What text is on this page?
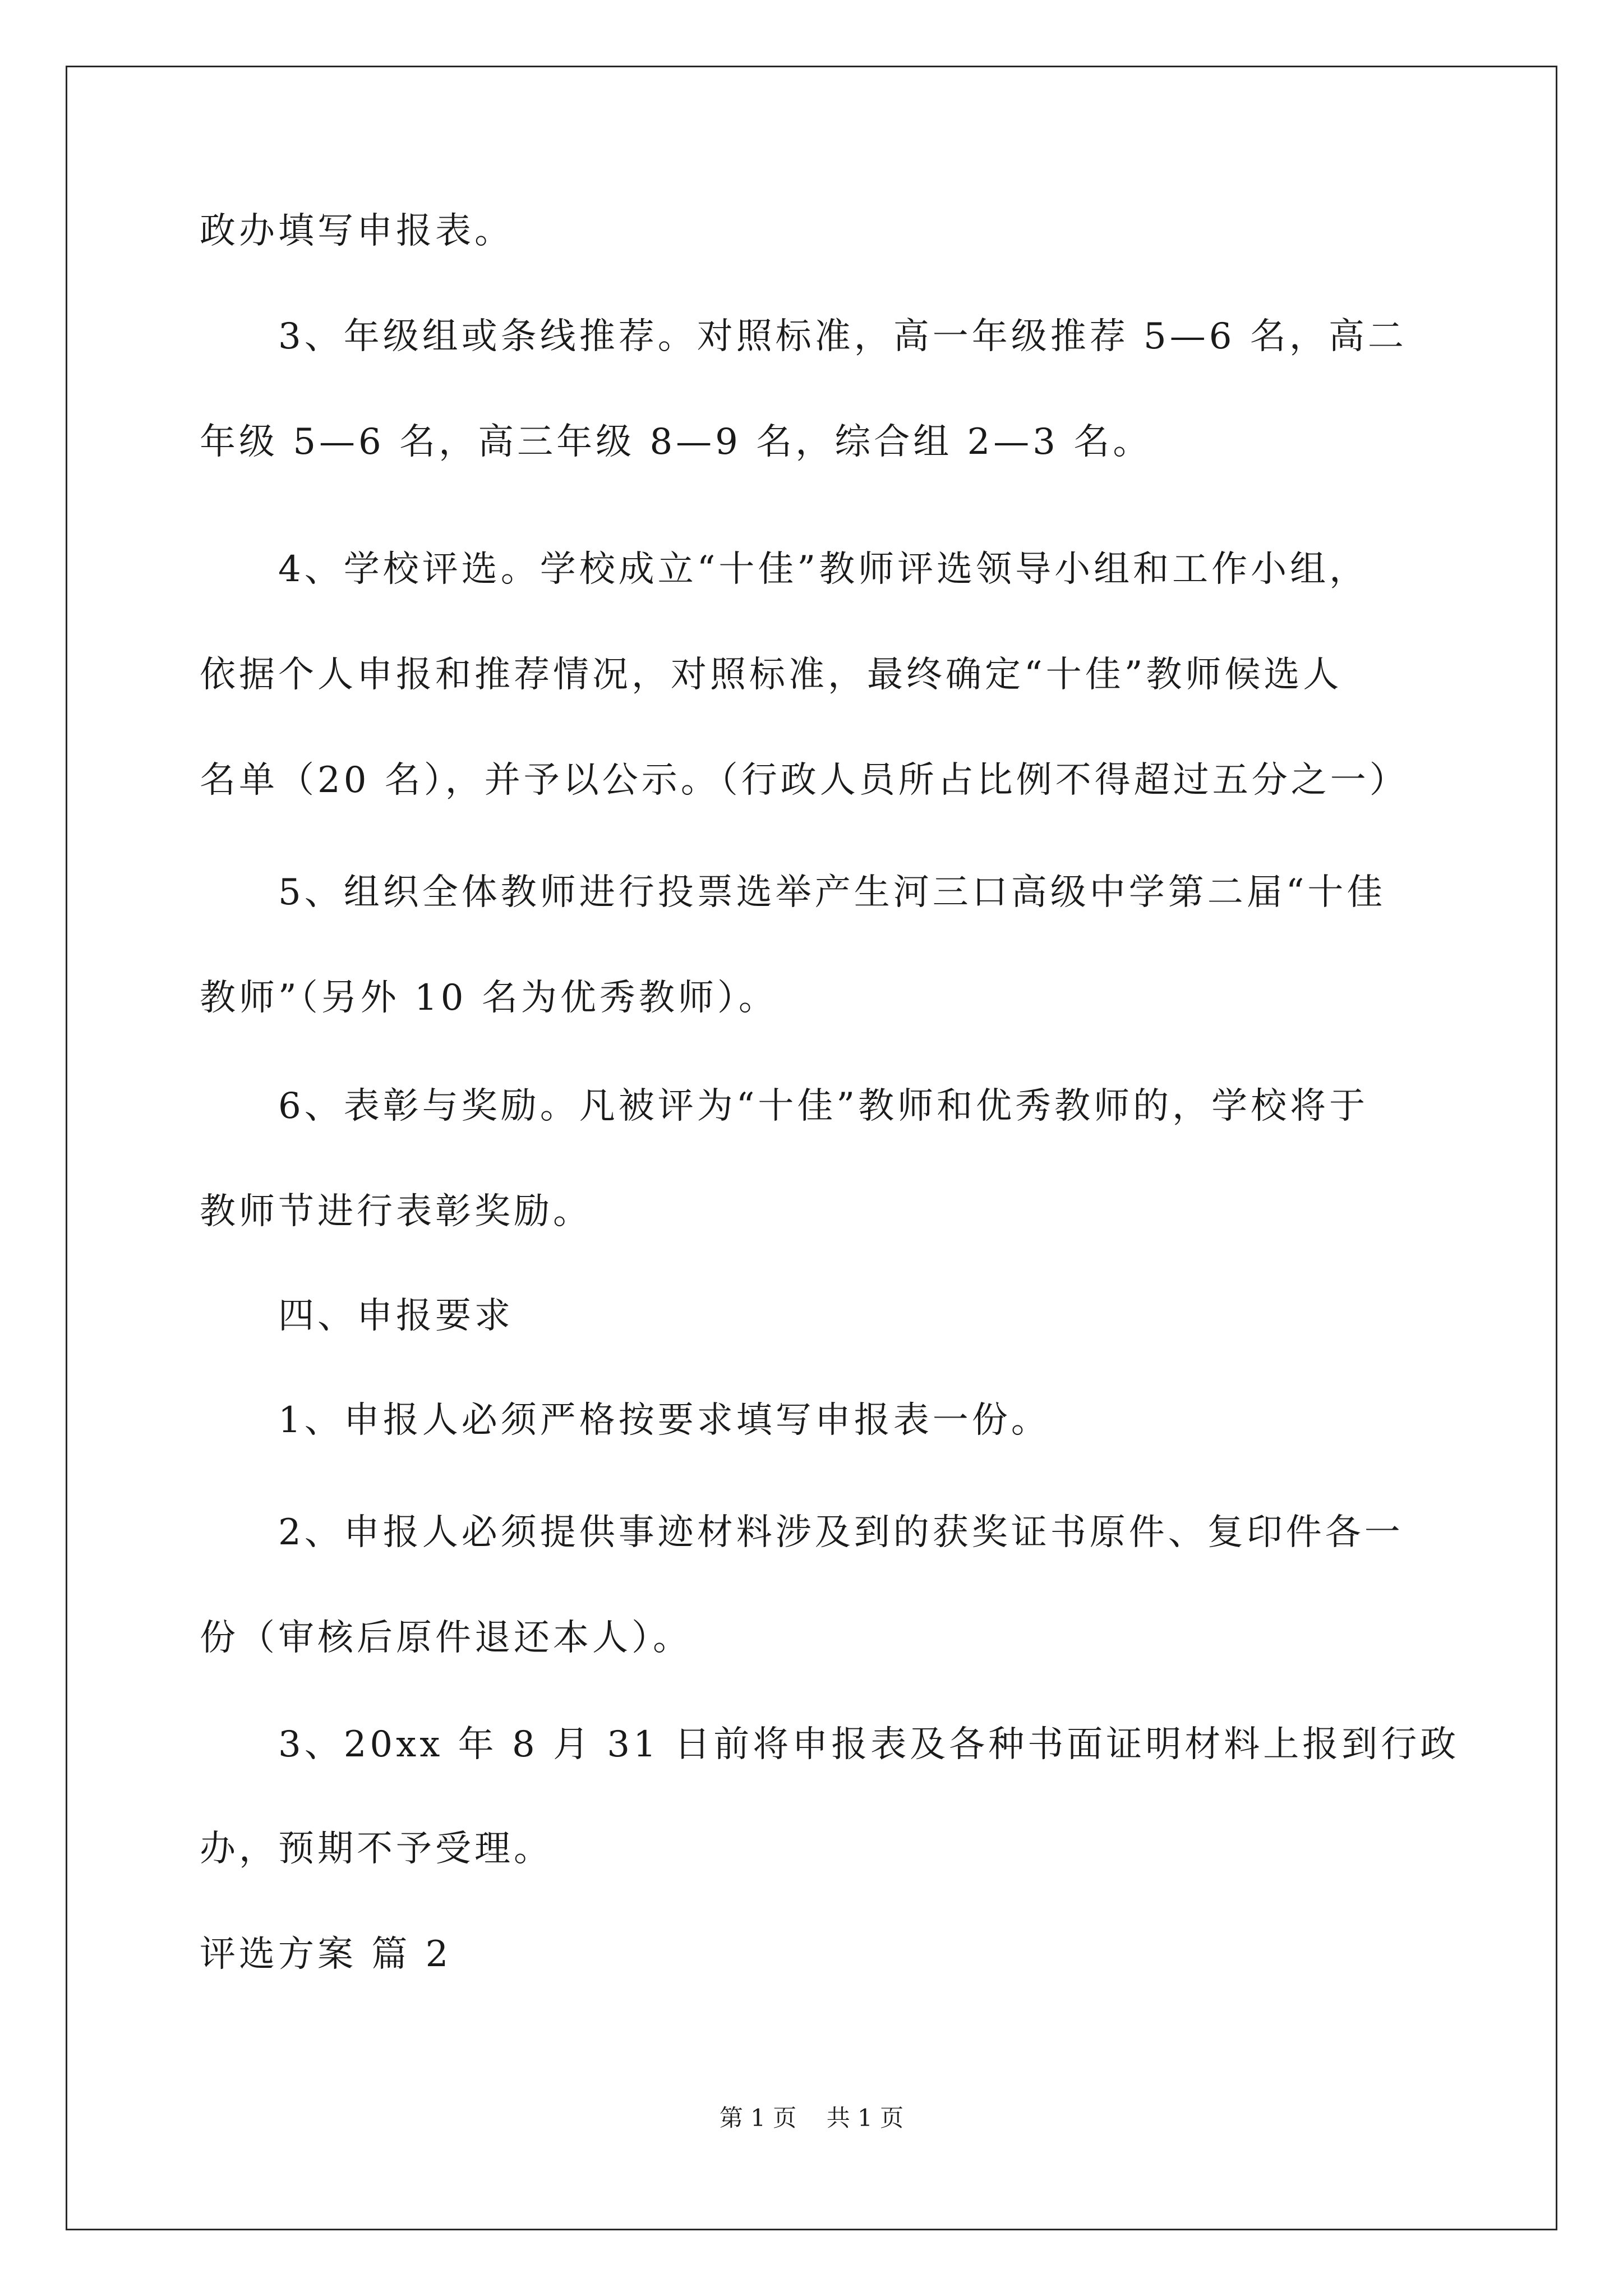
政办填写申报表。
3、年级组或条线推荐。对照标准，高一年级推荐 5—6 名，高二
年级 5—6 名，高三年级 8—9 名，综合组 2—3 名。
4、学校评选。学校成立“十佳”教师评选领导小组和工作小组，
依据个人申报和推荐情况，对照标准，最终确定“十佳”教师候选人
名单（20 名），并予以公示。（行政人员所占比例不得超过五分之一）
5、组织全体教师进行投票选举产生河三口高级中学第二届“十佳
教师”（另外 10 名为优秀教师）。
6、表彰与奖励。凡被评为“十佳”教师和优秀教师的，学校将于
教师节进行表彰奖励。
四、申报要求
1、申报人必须严格按要求填写申报表一份。
2、申报人必须提供事迹材料涉及到的获奖证书原件、复印件各一
份（审核后原件退还本人）。
3、20xx 年 8 月 31 日前将申报表及各种书面证明材料上报到行政
办，预期不予受理。
评选方案 篇 2
第 1 页    共 1 页
